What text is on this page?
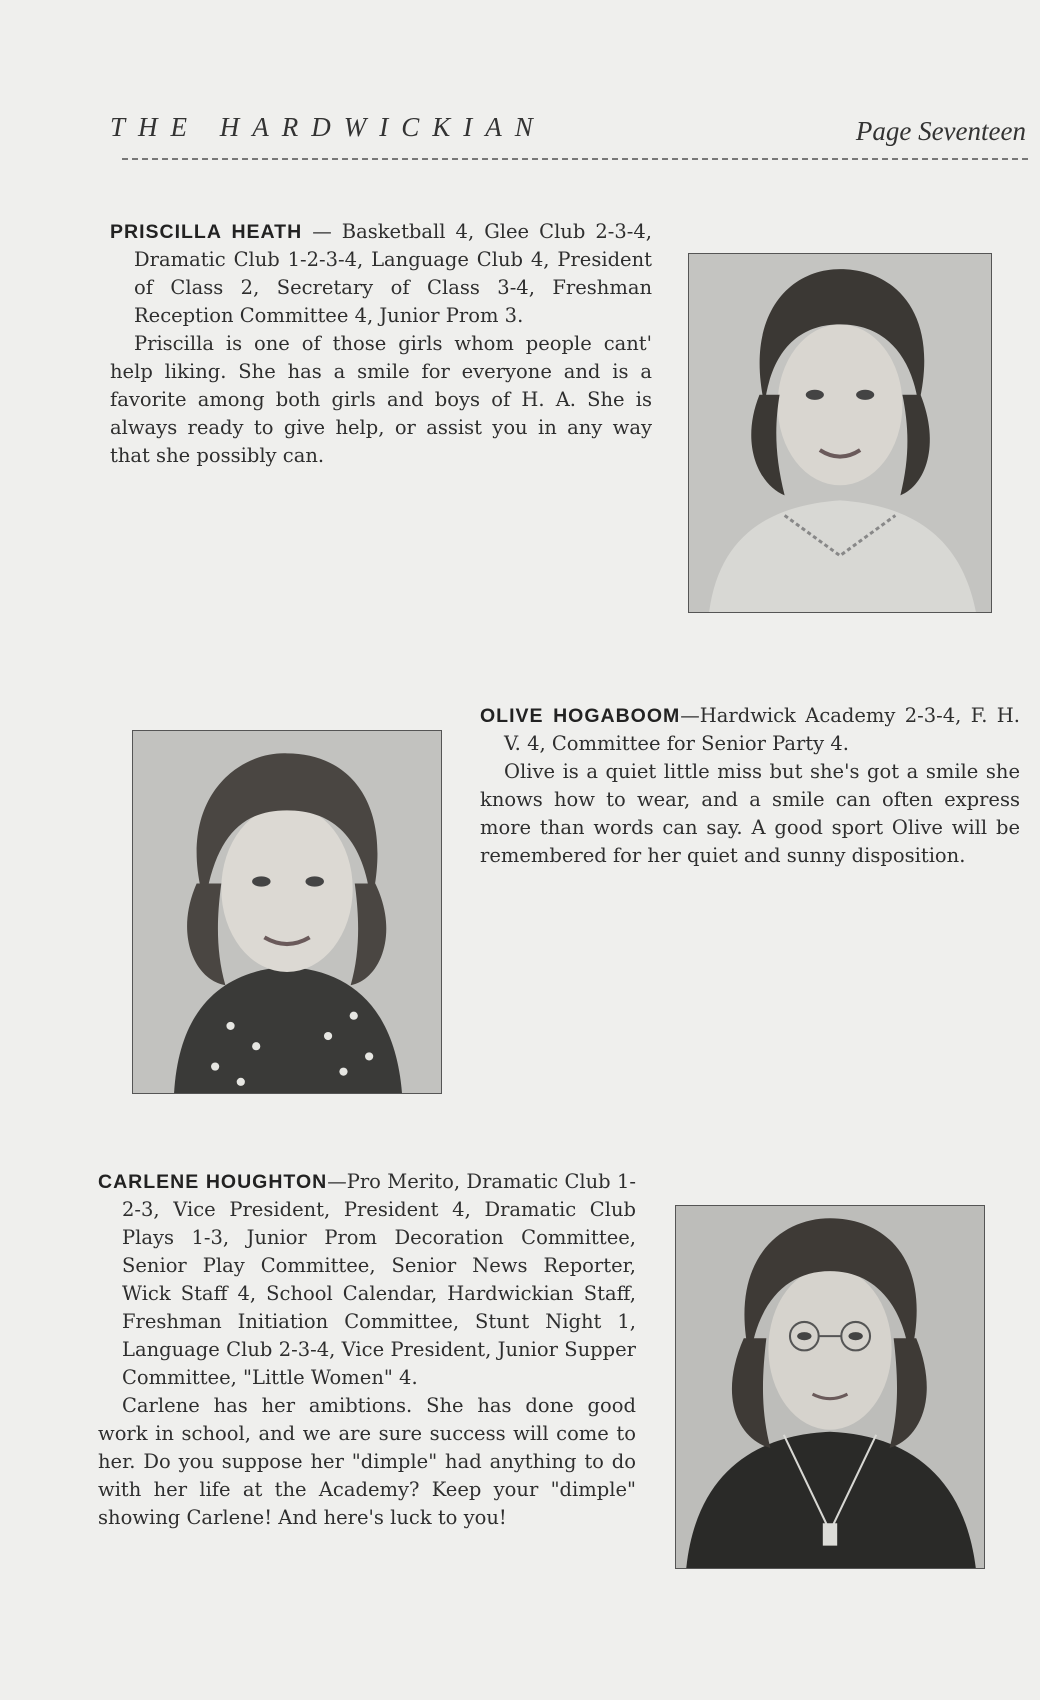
THE HARDWICKIAN	Page Seventeen

PRISCILLA HEATH — Basketball 4, Glee Club 2-3-4, Dramatic Club 1-2-3-4, Language Club 4, President of Class 2, Secretary of Class 3-4, Freshman Reception Committee 4, Junior Prom 3.

Priscilla is one of those girls whom people cant' help liking. She has a smile for everyone and is a favorite among both girls and boys of H. A. She is always ready to give help, or assist you in any way that she possibly can.

OLIVE HOGABOOM—Hardwick Academy 2-3-4, F. H. V. 4, Committee for Senior Party 4.

Olive is a quiet little miss but she's got a smile she knows how to wear, and a smile can often express more than words can say. A good sport Olive will be remembered for her quiet and sunny disposition.

CARLENE HOUGHTON—Pro Merito, Dramatic Club 1-2-3, Vice President, President 4, Dramatic Club Plays 1-3, Junior Prom Decoration Committee, Senior Play Committee, Senior News Reporter, Wick Staff 4, School Calendar, Hardwickian Staff, Freshman Initiation Committee, Stunt Night 1, Language Club 2-3-4, Vice President, Junior Supper Committee, "Little Women" 4.

Carlene has her amibtions. She has done good work in school, and we are sure success will come to her. Do you suppose her "dimple" had anything to do with her life at the Academy? Keep your "dimple" showing Carlene! And here's luck to you!
